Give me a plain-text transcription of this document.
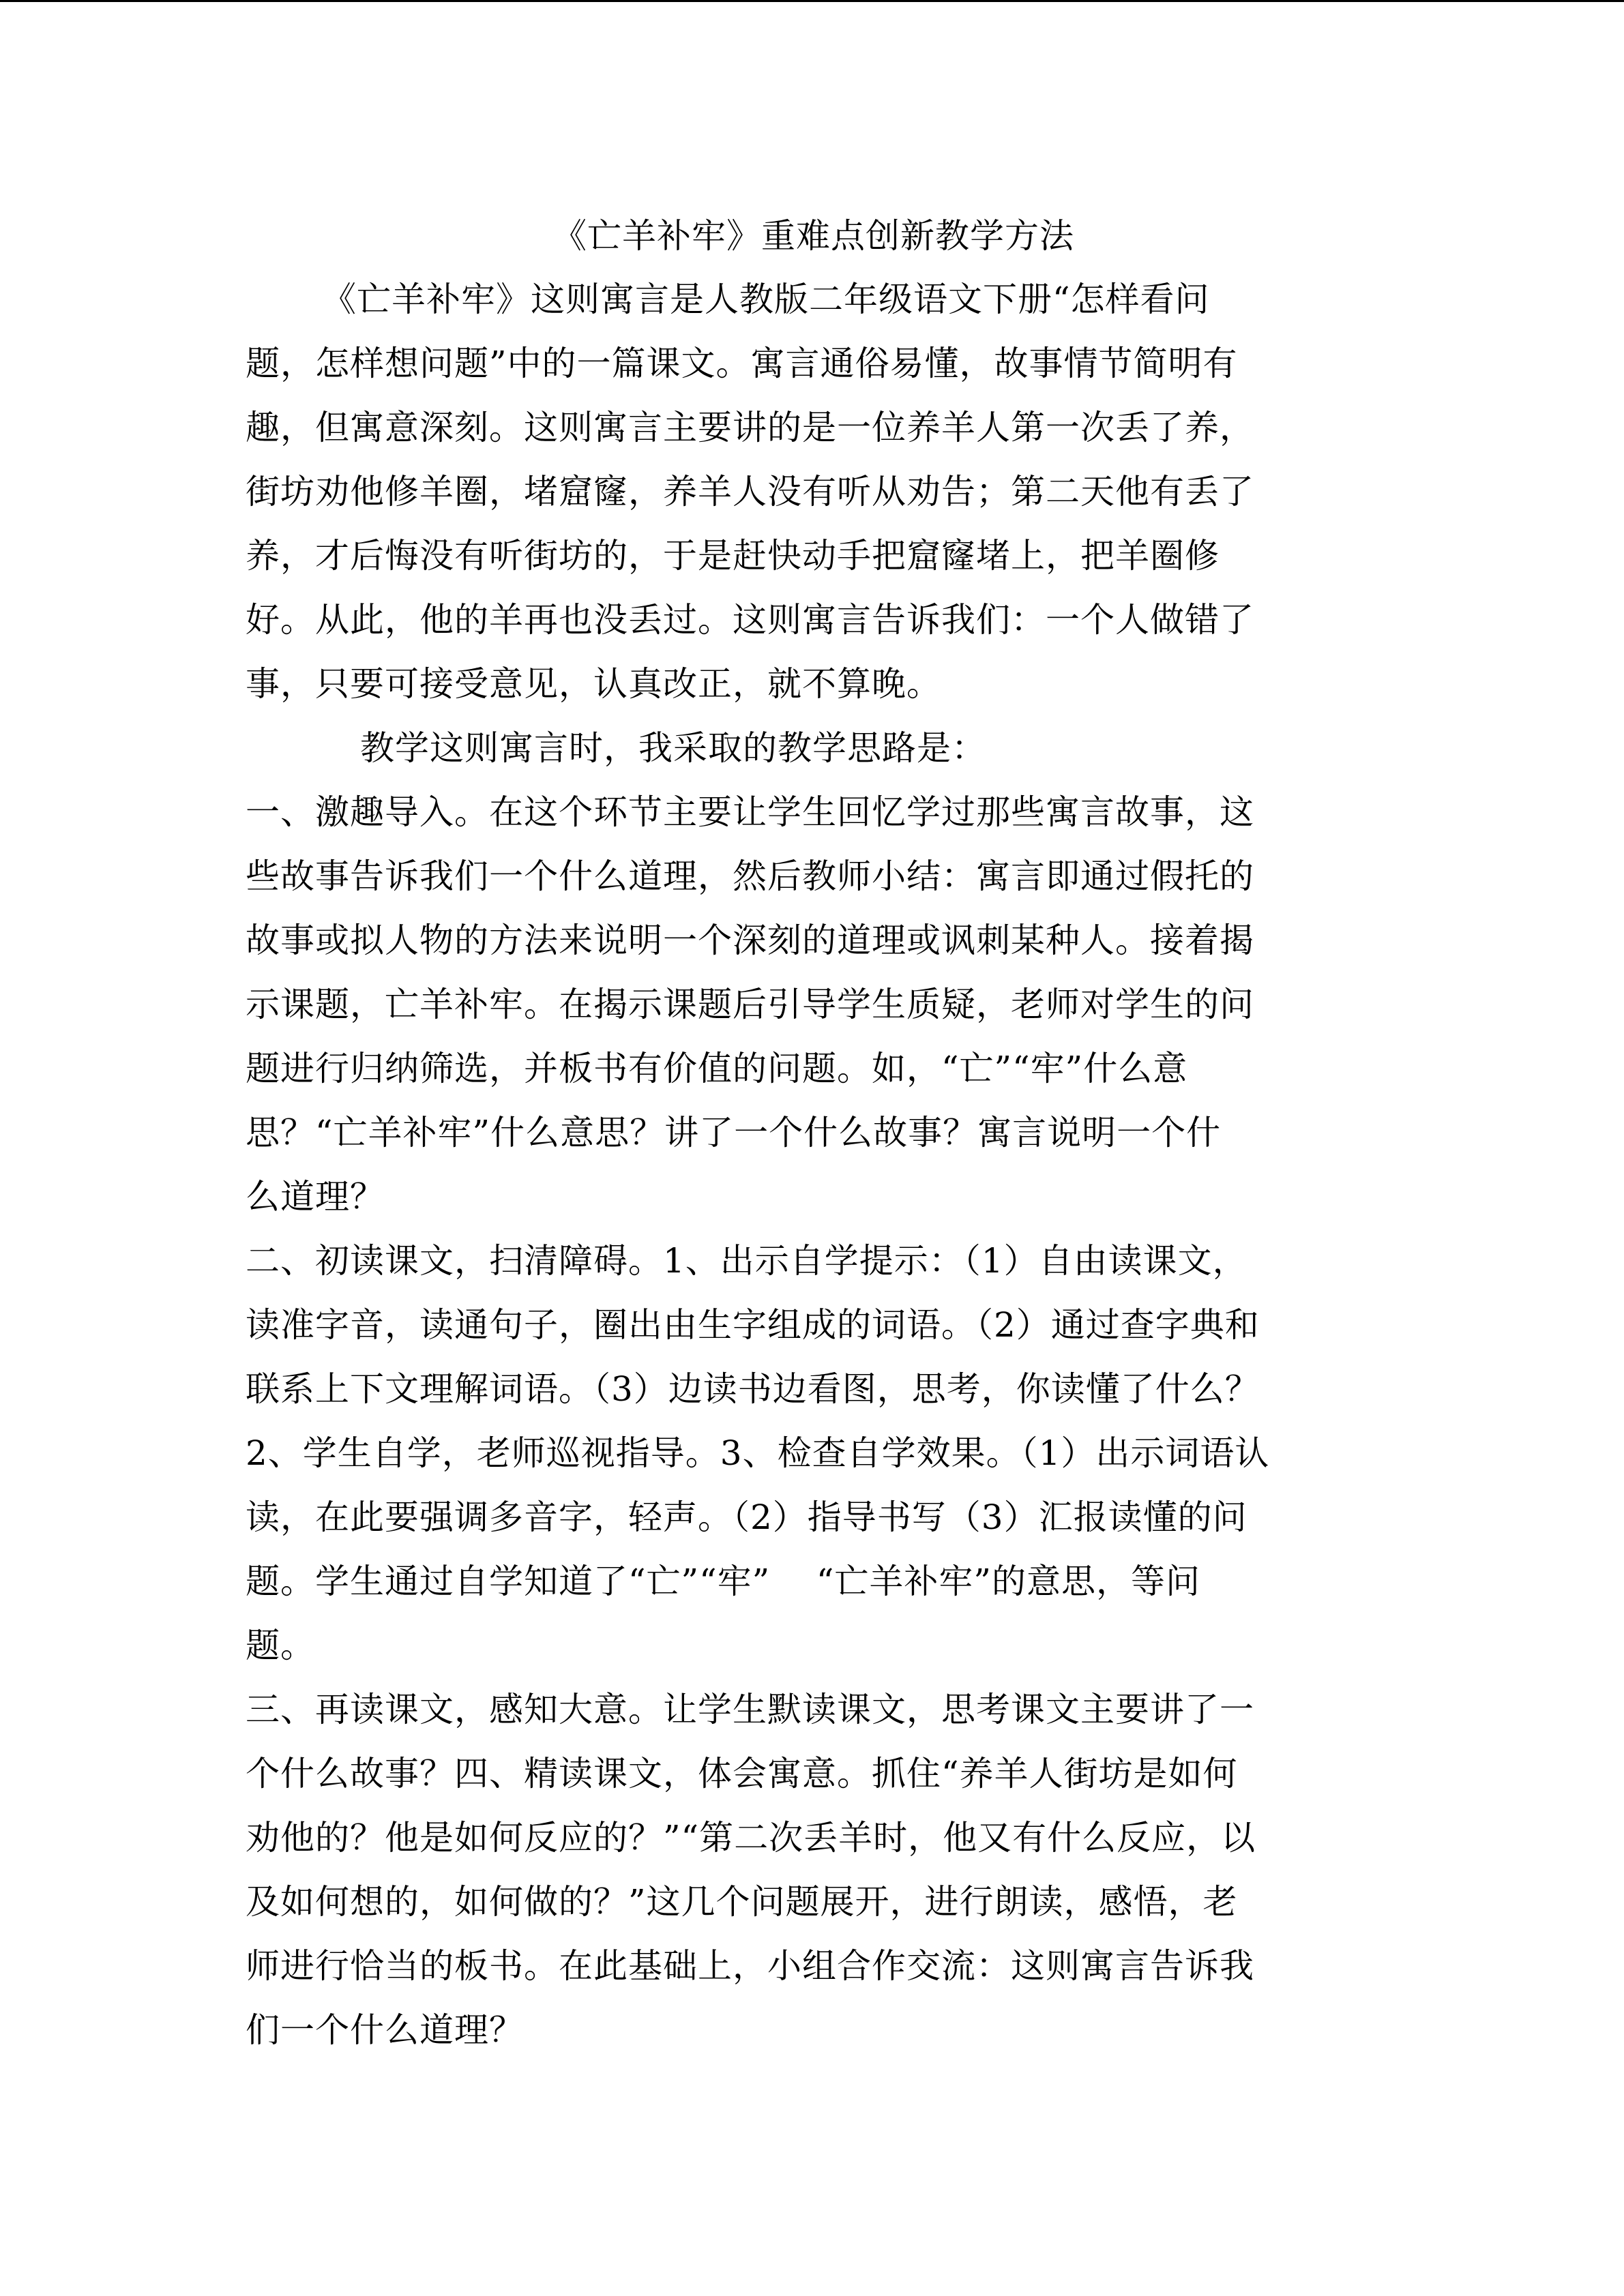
《亡羊补牢》重难点创新教学方法

《亡羊补牢》这则寓言是人教版二年级语文下册“怎样看问

题，怎样想问题”中的一篇课文。寓言通俗易懂，故事情节简明有

趣，但寓意深刻。这则寓言主要讲的是一位养羊人第一次丢了养，

街坊劝他修羊圈，堵窟窿，养羊人没有听从劝告；第二天他有丢了

养，才后悔没有听街坊的，于是赶快动手把窟窿堵上，把羊圈修

好。从此，他的羊再也没丢过。这则寓言告诉我们：一个人做错了

事，只要可接受意见，认真改正，就不算晚。

教学这则寓言时，我采取的教学思路是：

一、激趣导入。在这个环节主要让学生回忆学过那些寓言故事，这

些故事告诉我们一个什么道理，然后教师小结：寓言即通过假托的

故事或拟人物的方法来说明一个深刻的道理或讽刺某种人。接着揭

示课题，亡羊补牢。在揭示课题后引导学生质疑，老师对学生的问

题进行归纳筛选，并板书有价值的问题。如，“亡”“牢”什么意

思？“亡羊补牢”什么意思？讲了一个什么故事？寓言说明一个什

么道理？

二、初读课文，扫清障碍。1、出示自学提示：（1）自由读课文，

读准字音，读通句子，圈出由生字组成的词语。（2）通过查字典和

联系上下文理解词语。（3）边读书边看图，思考，你读懂了什么？

2、学生自学，老师巡视指导。3、检查自学效果。（1）出示词语认

读，在此要强调多音字，轻声。（2）指导书写（3）汇报读懂的问

题。学生通过自学知道了“亡”“牢”    “亡羊补牢”的意思，等问

题。

三、再读课文，感知大意。让学生默读课文，思考课文主要讲了一

个什么故事？四、精读课文，体会寓意。抓住“养羊人街坊是如何

劝他的？他是如何反应的？”“第二次丢羊时，他又有什么反应，以

及如何想的，如何做的？”这几个问题展开，进行朗读，感悟，老

师进行恰当的板书。在此基础上，小组合作交流：这则寓言告诉我

们一个什么道理？
